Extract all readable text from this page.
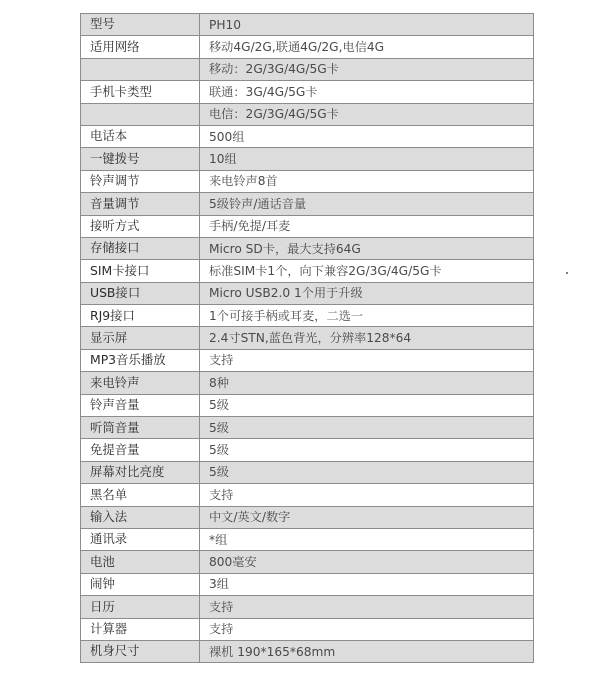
型号	PH10
适用网络	移动4G/2G,联通4G/2G,电信4G
	移动：2G/3G/4G/5G卡
手机卡类型	联通：3G/4G/5G卡
	电信：2G/3G/4G/5G卡
电话本	500组
一键拨号	10组
铃声调节	来电铃声8首
音量调节	5级铃声/通话音量
接听方式	手柄/免提/耳麦
存储接口	Micro SD卡，最大支持64G
SIM卡接口	标准SIM卡1个，向下兼容2G/3G/4G/5G卡
USB接口	Micro USB2.0 1个用于升级
RJ9接口	1个可接手柄或耳麦，二选一
显示屏	2.4寸STN,蓝色背光，分辨率128*64
MP3音乐播放	支持
来电铃声	8种
铃声音量	5级
听筒音量	5级
免提音量	5级
屏幕对比亮度	5级
黑名单	支持
输入法	中文/英文/数字
通讯录	*组
电池	800毫安
闹钟	3组
日历	支持
计算器	支持
机身尺寸	裸机 190*165*68mm
